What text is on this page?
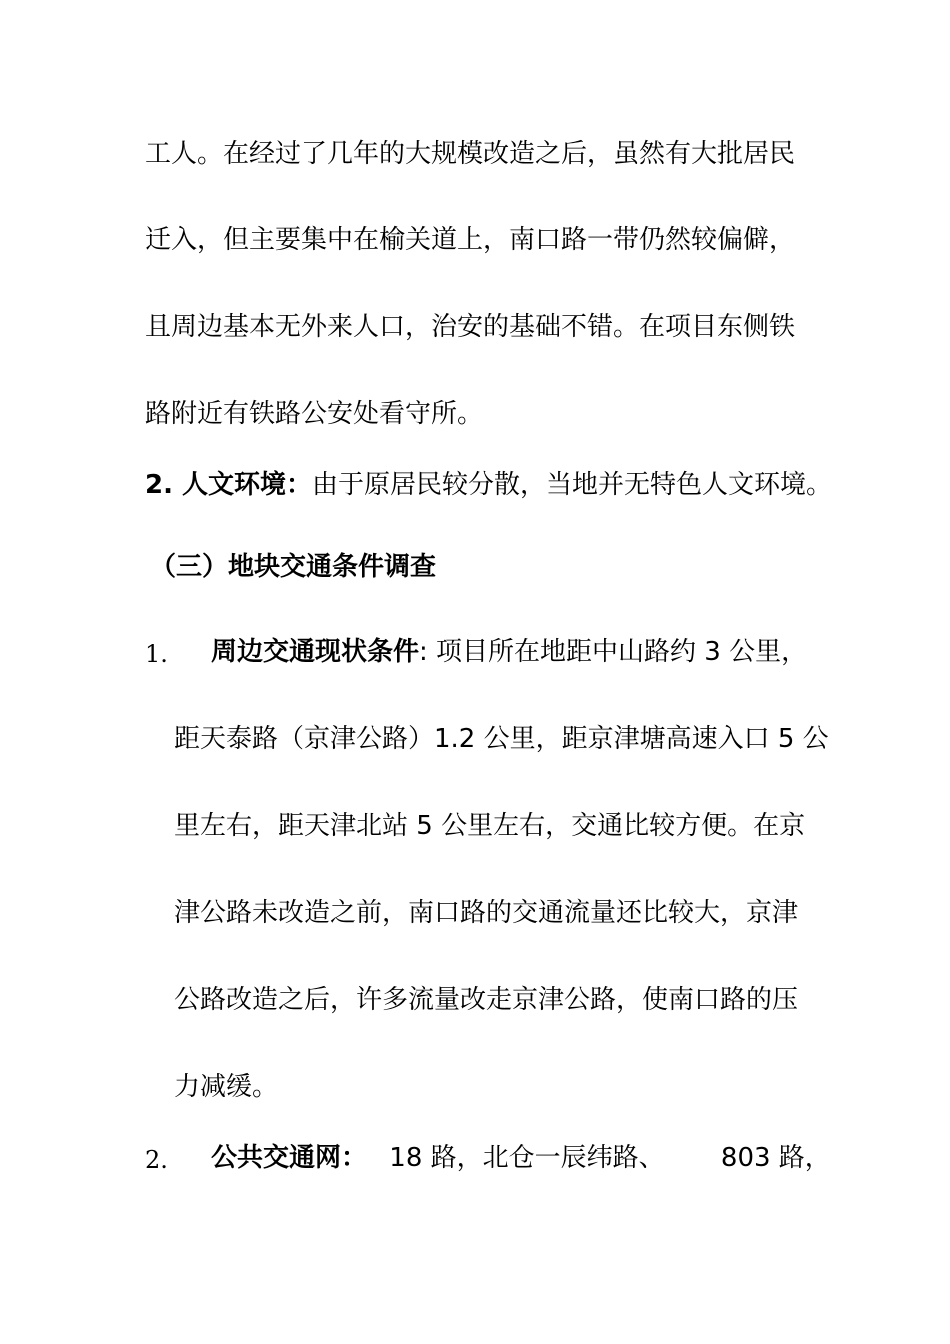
工人。在经过了几年的大规模改造之后，虽然有大批居民
迁入，但主要集中在榆关道上，南口路一带仍然较偏僻，
且周边基本无外来人口，治安的基础不错。在项目东侧铁
路附近有铁路公安处看守所。
2. 人文环境：由于原居民较分散，当地并无特色人文环境。
（三）地块交通条件调查
1. 周边交通现状条件: 项目所在地距中山路约 3 公里，
距天泰路（京津公路）1.2 公里，距京津塘高速入口 5 公
里左右，距天津北站 5 公里左右，交通比较方便。在京
津公路未改造之前，南口路的交通流量还比较大，京津
公路改造之后，许多流量改走京津公路，使南口路的压
力减缓。
2. 公共交通网： 18 路，北仓一辰纬路、 803 路，
